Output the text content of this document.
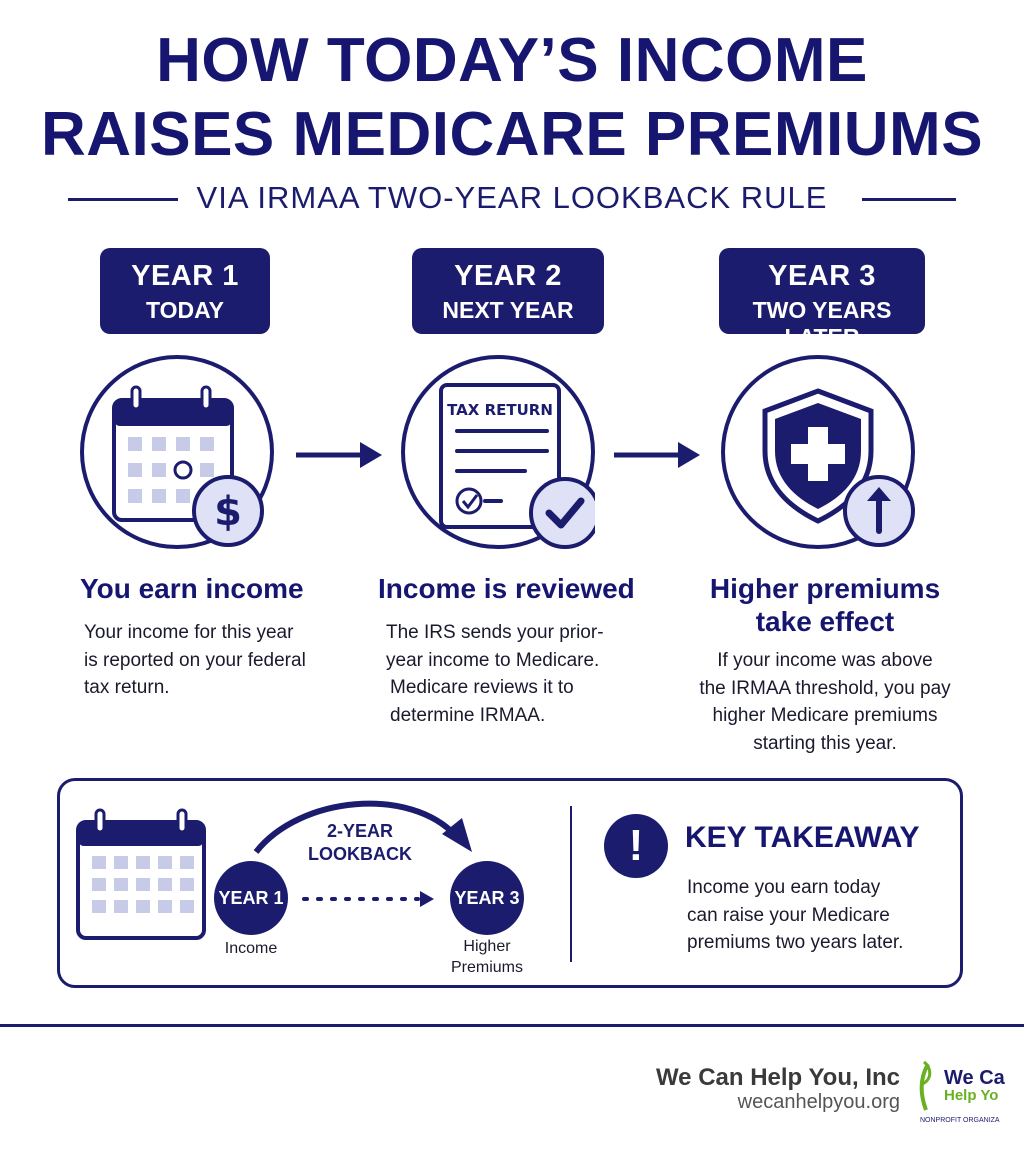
HOW TODAY’S INCOME
RAISES MEDICARE PREMIUMS
VIA IRMAA TWO-YEAR LOOKBACK RULE
YEAR 1
TODAY
YEAR 2
NEXT YEAR
YEAR 3
TWO YEARS LATER
$
TAX RETURN
You earn income
Your income for this year
is reported on your federal
tax return.
Income is reviewed
The IRS sends your prior-
year income to Medicare.
Medicare reviews it to
determine IRMAA.
Higher premiums
take effect
If your income was above
the IRMAA threshold, you pay
higher Medicare premiums
starting this year.
2-YEAR
LOOKBACK
YEAR 1	YEAR 3
Income	Higher
Premiums
!	KEY TAKEAWAY
Income you earn today
can raise your Medicare
premiums two years later.
We Can Help You, Inc
wecanhelpyou.org
We Ca
Help Yo
NONPROFIT ORGANIZA
